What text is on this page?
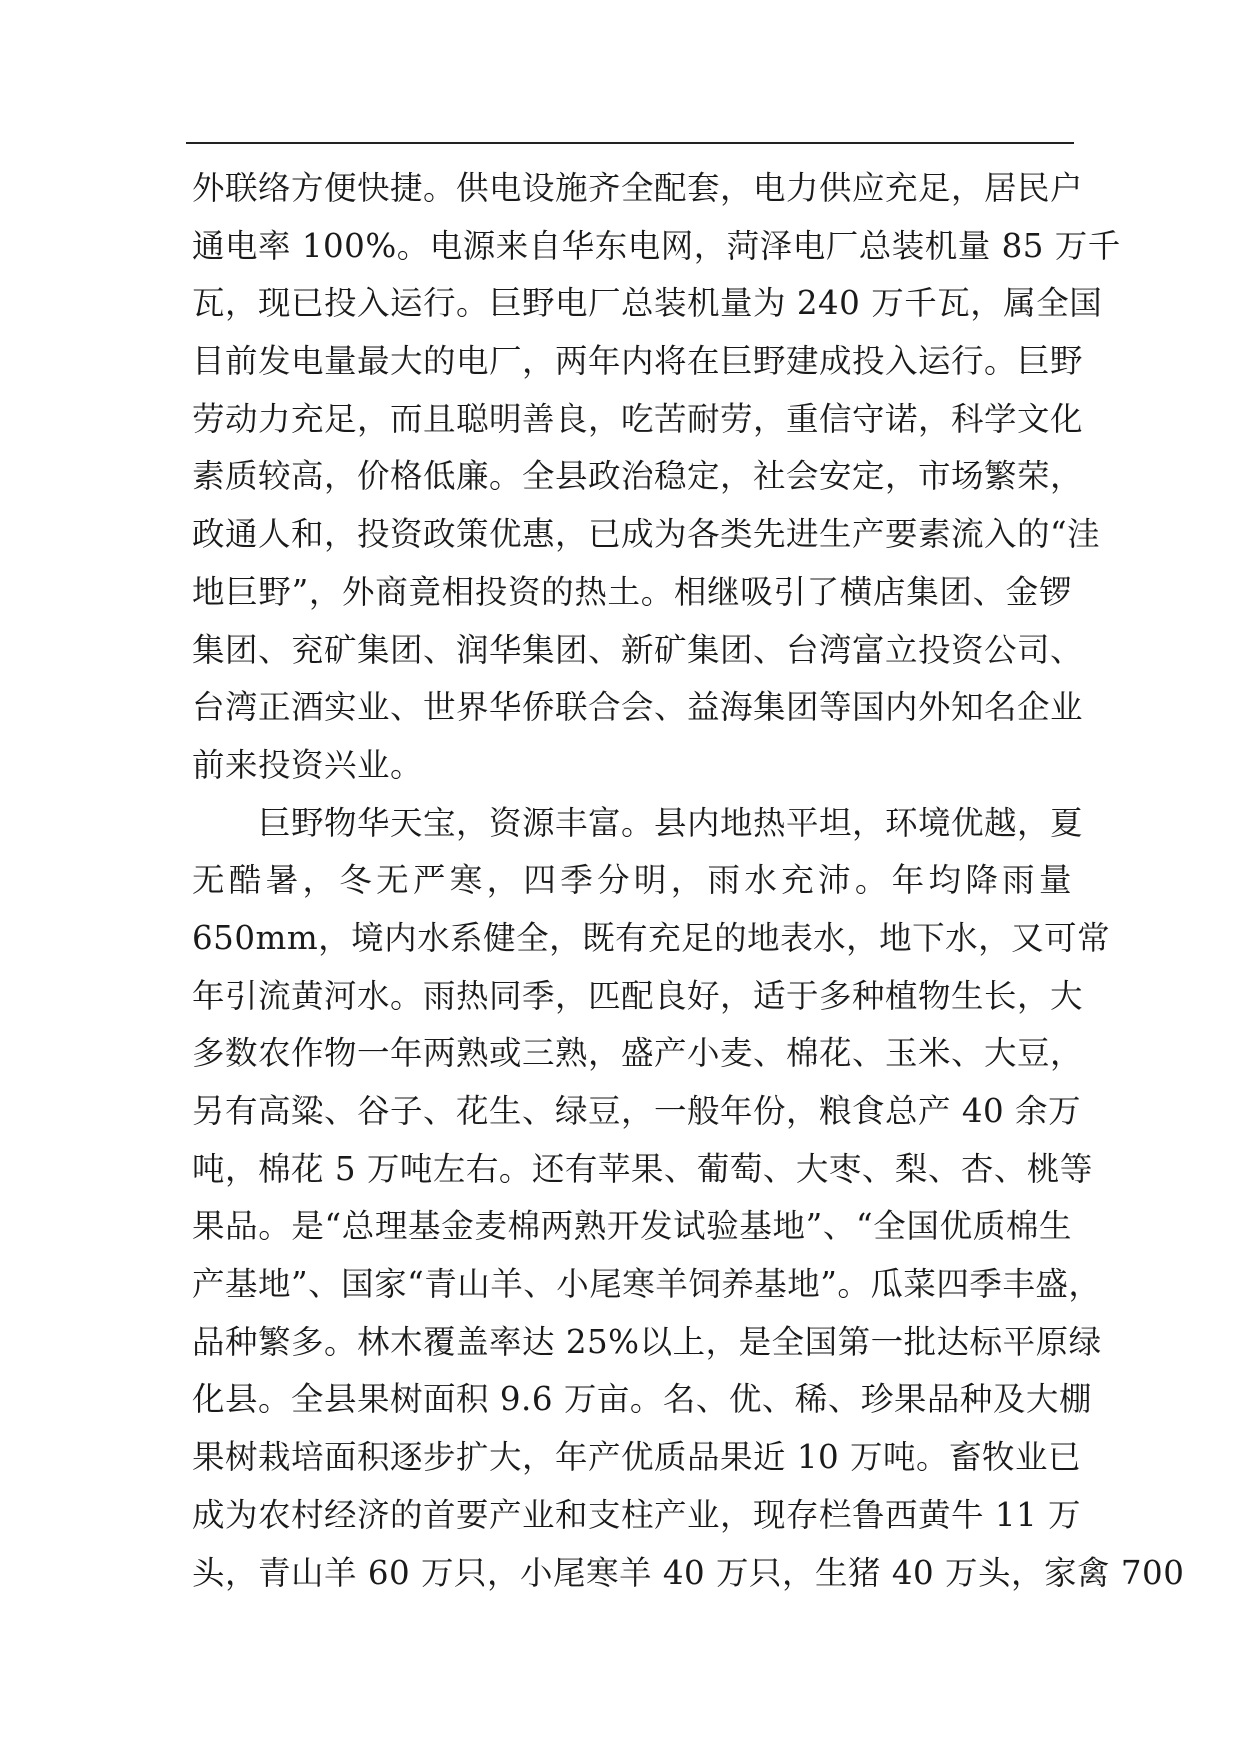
外联络方便快捷。供电设施齐全配套，电力供应充足，居民户
通电率 100%。电源来自华东电网，菏泽电厂总装机量 85 万千
瓦，现已投入运行。巨野电厂总装机量为 240 万千瓦，属全国
目前发电量最大的电厂，两年内将在巨野建成投入运行。巨野
劳动力充足，而且聪明善良，吃苦耐劳，重信守诺，科学文化
素质较高，价格低廉。全县政治稳定，社会安定，市场繁荣，
政通人和，投资政策优惠，已成为各类先进生产要素流入的“洼
地巨野”，外商竟相投资的热土。相继吸引了横店集团、金锣
集团、兖矿集团、润华集团、新矿集团、台湾富立投资公司、
台湾正酒实业、世界华侨联合会、益海集团等国内外知名企业
前来投资兴业。
巨野物华天宝，资源丰富。县内地热平坦，环境优越，夏
无酷暑，冬无严寒，四季分明，雨水充沛。年均降雨量
650mm，境内水系健全，既有充足的地表水，地下水，又可常
年引流黄河水。雨热同季，匹配良好，适于多种植物生长，大
多数农作物一年两熟或三熟，盛产小麦、棉花、玉米、大豆，
另有高粱、谷子、花生、绿豆，一般年份，粮食总产 40 余万
吨，棉花 5 万吨左右。还有苹果、葡萄、大枣、梨、杏、桃等
果品。是“总理基金麦棉两熟开发试验基地”、“全国优质棉生
产基地”、国家“青山羊、小尾寒羊饲养基地”。瓜菜四季丰盛，
品种繁多。林木覆盖率达 25%以上，是全国第一批达标平原绿
化县。全县果树面积 9.6 万亩。名、优、稀、珍果品种及大棚
果树栽培面积逐步扩大，年产优质品果近 10 万吨。畜牧业已
成为农村经济的首要产业和支柱产业，现存栏鲁西黄牛 11 万
头，青山羊 60 万只，小尾寒羊 40 万只，生猪 40 万头，家禽 700
